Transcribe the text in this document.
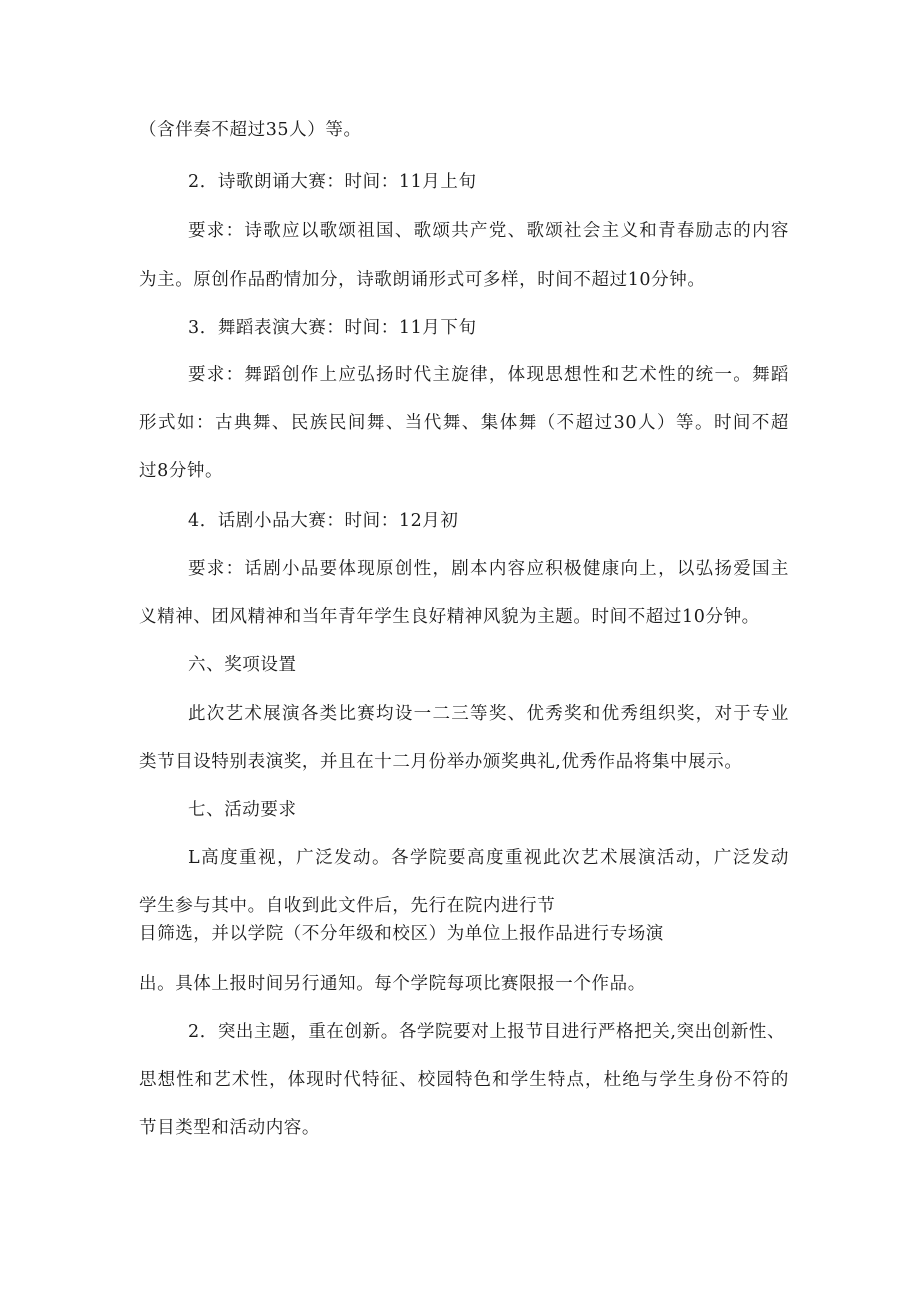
（含伴奏不超过35人）等。
2．诗歌朗诵大赛：时间：11月上旬
要求：诗歌应以歌颂祖国、歌颂共产党、歌颂社会主义和青春励志的内容
为主。原创作品酌情加分，诗歌朗诵形式可多样，时间不超过10分钟。
3．舞蹈表演大赛：时间：11月下旬
要求：舞蹈创作上应弘扬时代主旋律，体现思想性和艺术性的统一。舞蹈
形式如：古典舞、民族民间舞、当代舞、集体舞（不超过30人）等。时间不超
过8分钟。
4．话剧小品大赛：时间：12月初
要求：话剧小品要体现原创性，剧本内容应积极健康向上，以弘扬爱国主
义精神、团风精神和当年青年学生良好精神风貌为主题。时间不超过10分钟。
六、奖项设置
此次艺术展演各类比赛均设一二三等奖、优秀奖和优秀组织奖，对于专业
类节目设特别表演奖，并且在十二月份举办颁奖典礼,优秀作品将集中展示。
七、活动要求
L高度重视，广泛发动。各学院要高度重视此次艺术展演活动，广泛发动
学生参与其中。自收到此文件后，先行在院内进行节
目筛选，并以学院（不分年级和校区）为单位上报作品进行专场演
出。具体上报时间另行通知。每个学院每项比赛限报一个作品。
2．突出主题，重在创新。各学院要对上报节目进行严格把关,突出创新性、
思想性和艺术性，体现时代特征、校园特色和学生特点，杜绝与学生身份不符的
节目类型和活动内容。
